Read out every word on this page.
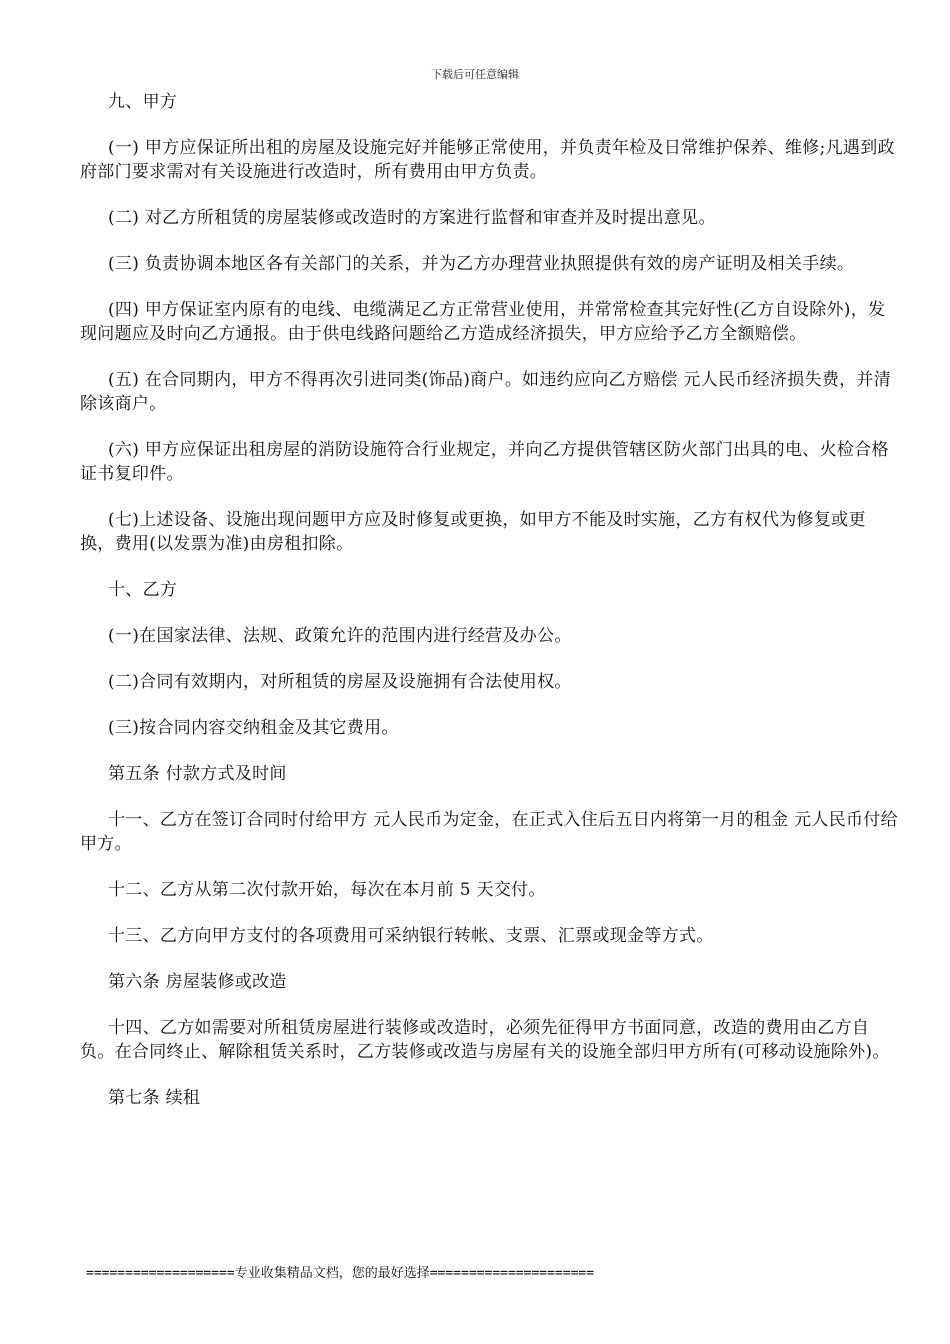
下载后可任意编辑

九、甲方

(一) 甲方应保证所出租的房屋及设施完好并能够正常使用，并负责年检及日常维护保养、维修;凡遇到政府部门要求需对有关设施进行改造时，所有费用由甲方负责。

(二) 对乙方所租赁的房屋装修或改造时的方案进行监督和审查并及时提出意见。

(三) 负责协调本地区各有关部门的关系，并为乙方办理营业执照提供有效的房产证明及相关手续。

(四) 甲方保证室内原有的电线、电缆满足乙方正常营业使用，并常常检查其完好性(乙方自设除外)，发现问题应及时向乙方通报。由于供电线路问题给乙方造成经济损失，甲方应给予乙方全额赔偿。

(五) 在合同期内，甲方不得再次引进同类(饰品)商户。如违约应向乙方赔偿 元人民币经济损失费，并清除该商户。

(六) 甲方应保证出租房屋的消防设施符合行业规定，并向乙方提供管辖区防火部门出具的电、火检合格证书复印件。

(七)上述设备、设施出现问题甲方应及时修复或更换，如甲方不能及时实施，乙方有权代为修复或更换，费用(以发票为准)由房租扣除。

十、乙方

(一)在国家法律、法规、政策允许的范围内进行经营及办公。

(二)合同有效期内，对所租赁的房屋及设施拥有合法使用权。

(三)按合同内容交纳租金及其它费用。

第五条 付款方式及时间

十一、乙方在签订合同时付给甲方 元人民币为定金，在正式入住后五日内将第一月的租金 元人民币付给甲方。

十二、乙方从第二次付款开始，每次在本月前 5 天交付。

十三、乙方向甲方支付的各项费用可采纳银行转帐、支票、汇票或现金等方式。

第六条 房屋装修或改造

十四、乙方如需要对所租赁房屋进行装修或改造时，必须先征得甲方书面同意，改造的费用由乙方自负。在合同终止、解除租赁关系时，乙方装修或改造与房屋有关的设施全部归甲方所有(可移动设施除外)。

第七条 续租

===================专业收集精品文档，您的最好选择=====================
